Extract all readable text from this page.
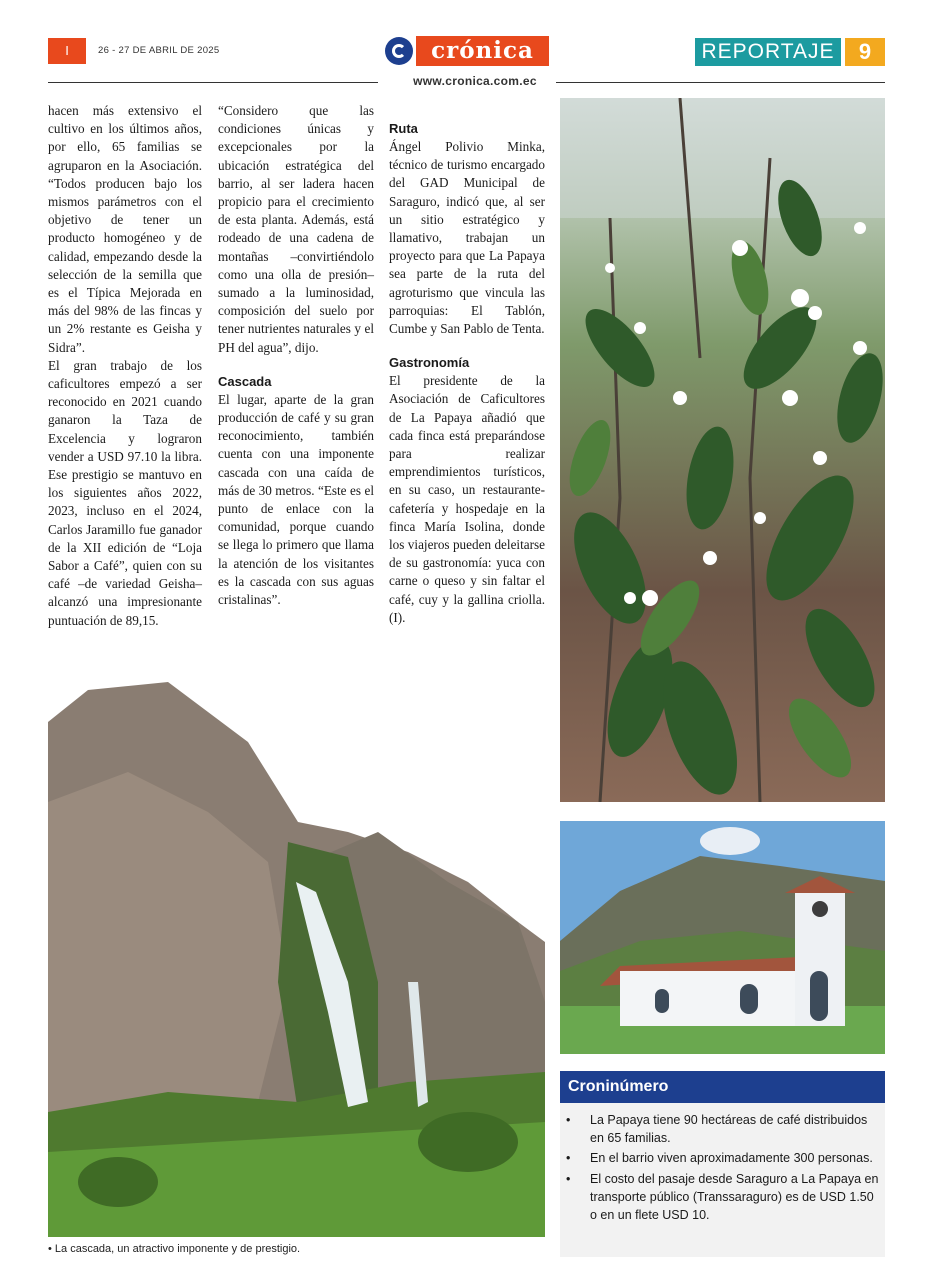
I	26 - 27 DE ABRIL DE 2025	crónica	REPORTAJE	9
www.cronica.com.ec

hacen más extensivo el cultivo en los últimos años, por ello, 65 familias se agruparon en la Asociación. “Todos producen bajo los mismos parámetros con el objetivo de tener un producto homogéneo y de calidad, empezando desde la selección de la semilla que es el Típica Mejorada en más del 98% de las fincas y un 2% restante es Geisha y Sidra”.

El gran trabajo de los caficultores empezó a ser reconocido en 2021 cuando ganaron la Taza de Excelencia y lograron vender a USD 97.10 la libra. Ese prestigio se mantuvo en los siguientes años 2022, 2023, incluso en el 2024, Carlos Jaramillo fue ganador de la XII edición de “Loja Sabor a Café”, quien con su café –de variedad Geisha– alcanzó una impresionante puntuación de 89,15.

“Considero que las condiciones únicas y excepcionales por la ubicación estratégica del barrio, al ser ladera hacen propicio para el crecimiento de esta planta. Además, está rodeado de una cadena de montañas –convirtiéndolo como una olla de presión– sumado a la luminosidad, composición del suelo por tener nutrientes naturales y el PH del agua”, dijo.

Cascada

El lugar, aparte de la gran producción de café y su gran reconocimiento, también cuenta con una imponente cascada con una caída de más de 30 metros. “Este es el punto de enlace con la comunidad, porque cuando se llega lo primero que llama la atención de los visitantes es la cascada con sus aguas cristalinas”.

Ruta

Ángel Polivio Minka, técnico de turismo encargado del GAD Municipal de Saraguro, indicó que, al ser un sitio estratégico y llamativo, trabajan un proyecto para que La Papaya sea parte de la ruta del agroturismo que vincula las parroquias: El Tablón, Cumbe y San Pablo de Tenta.

Gastronomía

El presidente de la Asociación de Caficultores de La Papaya añadió que cada finca está preparándose para realizar emprendimientos turísticos, en su caso, un restaurante-cafetería y hospedaje en la finca María Isolina, donde los viajeros pueden deleitarse de su gastronomía: yuca con carne o queso y sin faltar el café, cuy y la gallina criolla.(I).

• La cascada, un atractivo imponente y de prestigio.
Croninúmero
• La Papaya tiene 90 hectáreas de café distribuidos en 65 familias.
• En el barrio viven aproximadamente 300 personas.
• El costo del pasaje desde Saraguro a La Papaya en transporte público (Transsaraguro) es de USD 1.50 o en un flete USD 10.
